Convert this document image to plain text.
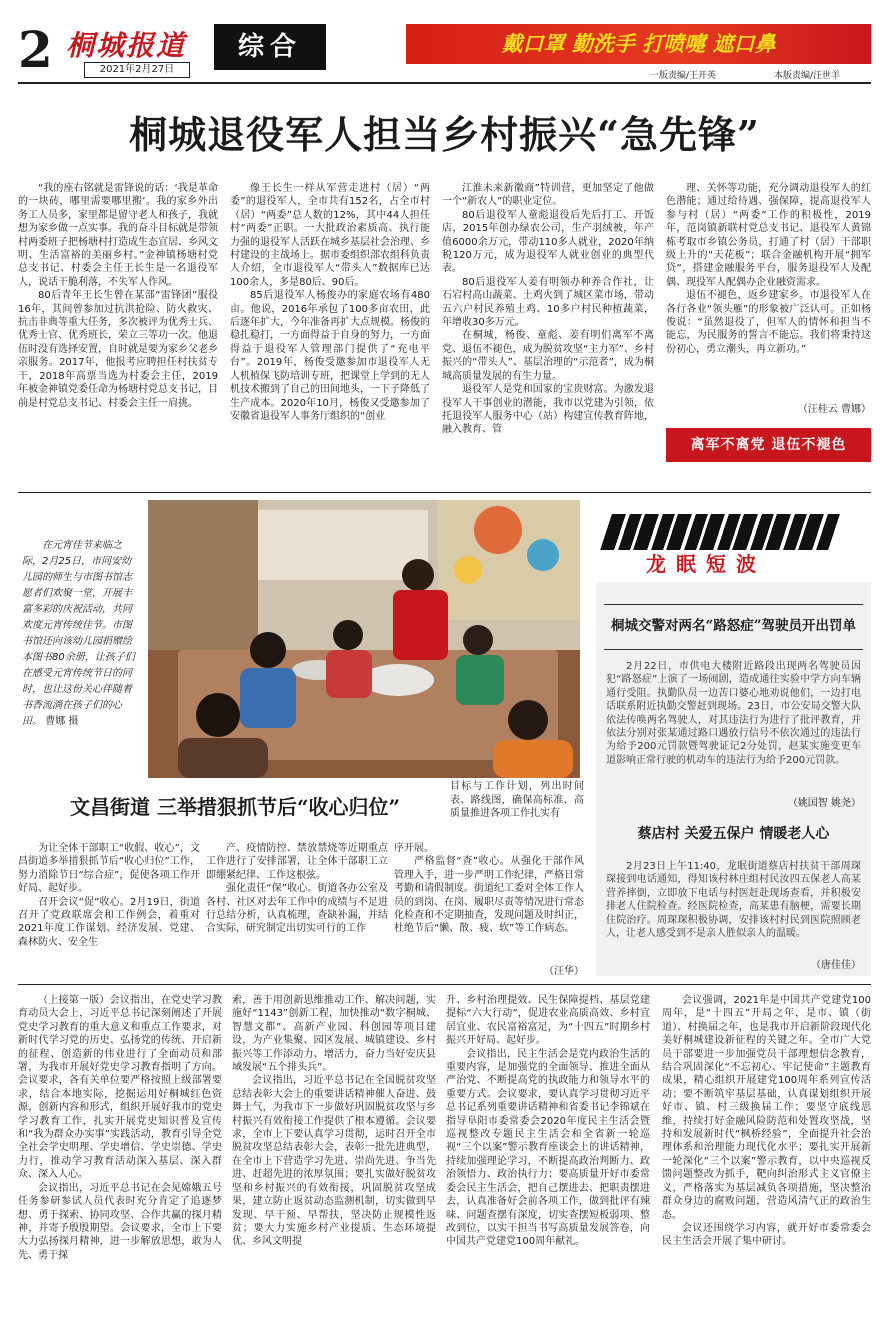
2 桐城报道
2021年2月27日
综合	戴口罩 勤洗手 打喷嚏 遮口鼻
一版责编/王开英	本版责编/汪世羊
桐城退役军人担当乡村振兴“急先锋”

“我的座右铭就是雷锋说的话：‘我是革命的一块砖，哪里需要哪里搬’。我的家乡外出务工人员多，家里都是留守老人和孩子，我就想为家乡做一点实事。我的奋斗目标就是带领村两委班子把杨塘村打造成生态宜居、乡风文明、生活富裕的美丽乡村。”金神镇杨塘村党总支书记、村委会主任王长生是一名退役军人，说话干脆利落，不失军人作风。

80后青年王长生曾在某部“雷锋团”服役16年，其间曾参加过抗洪抢险、防火救灾、抗击非典等重大任务，多次被评为优秀士兵、优秀士官、优秀班长，荣立三等功一次。他退伍时没有选择安置，自时就是要为家乡父老乡亲服务。2017年，他报考应聘担任村扶贫专干，2018年高票当选为村委会主任，2019年被金神镇党委任命为杨塘村党总支书记，目前是村党总支书记、村委会主任一肩挑。

像王长生一样从军营走进村（居）“两委”的退役军人，全市共有152名，占全市村（居）“两委”总人数的12%，其中44人担任村“两委”正职。一大批政治素质高、执行能力强的退役军人活跃在城乡基层社会治理、乡村建设的主战场上。据市委组织部农组科负责人介绍，全市退役军人“带头人”数据库已达100余人，多是80后、90后。

85后退役军人杨俊办的家庭农场有480亩。他说，2016年承包了100多亩农田，此后逐年扩大，今年准备再扩大点规模。杨俊的稳扎稳打，一方面得益于自身的努力，一方面得益于退役军人管理部门提供了“充电平台”。2019年，杨俊受邀参加市退役军人无人机植保飞防培训专班，把课堂上学到的无人机技术搬到了自己的田间地头，一下子降低了生产成本。2020年10月，杨俊又受邀参加了安徽省退役军人事务厅组织的“创业

江淮未来新徽商”特训营，更加坚定了他做一个“新农人”的职业定位。

80后退役军人童彪退役后先后打工、开饭店，2015年创办绿农公司，生产羽绒被，年产值6000余万元，带动110多人就业，2020年纳税120万元，成为退役军人就业创业的典型代表。

80后退役军人姜有明领办种养合作社，让石宕村高山蔬菜、土鸡火到了城区菜市场，带动五六户村民养殖土鸡、10多户村民种植蔬菜，年增收30多万元。

在桐城，杨俊、童彪、姜有明们离军不离党、退伍不褪色，成为脱贫攻坚“主力军”、乡村振兴的“带头人”、基层治理的“示范者”，成为桐城高质量发展的有生力量。

退役军人是党和国家的宝贵财富。为激发退役军人干事创业的潜能，我市以党建为引领，依托退役军人服务中心（站）构建宣传教育阵地，融入教育、管

理、关怀等功能，充分调动退役军人的红色潜能；通过给待遇、强保障，提高退役军人参与村（居）“两委”工作的积极性，2019年，范岗镇新联村党总支书记、退役军人黄锦栋考取市乡镇公务员，打通了村（居）干部职级上升的“天花板”；联合金融机构开展“拥军贷”，搭建金融服务平台，服务退役军人及配偶、现役军人配偶办企业融资需求。

退伍不褪色，返乡建家乡。市退役军人在各行各业“领头雁”的形象被广泛认可。正如杨俊说：“虽然退役了，但军人的情怀和担当不能忘，为民服务的誓言不能忘。我们将秉持这份初心，勇立潮头，再立新功。”

（汪桂云 曹娜）
离军不离党 退伍不褪色
在元宵佳节来临之际，2月25日，市同安幼儿园的师生与市图书馆志愿者们欢聚一堂，开展丰富多彩的庆祝活动，共同欢度元宵传统佳节。市图书馆还向该幼儿园捐赠绘本图书80余册，让孩子们在感受元宵传统节日的同时，也让这份关心伴随着书香流淌在孩子们的心田。 曹娜 摄
龙眠短波
桐城交警对两名“路怒症”驾驶员开出罚单

2月22日，市供电大楼附近路段出现两名驾驶员因犯“路怒症”上演了一场闹剧，造成通往实验中学方向车辆通行受阻。执勤队员一边苦口婆心地劝说他们，一边打电话联系附近执勤交警赶到现场。23日，市公安局交警大队依法传唤两名驾驶人，对其违法行为进行了批评教育，并依法分别对张某通过路口遇放行信号不依次通过的违法行为给予200元罚款暨驾驶证记2分处罚，赵某实施变更车道影响正常行驶的机动车的违法行为给予200元罚款。

（姚国智 姚尧）
蔡店村 关爱五保户 情暖老人心

2月23日上午11:40，龙眠街道蔡店村扶贫干部周琛琛接到电话通知，得知该村林庄组村民汝四五保老人高某营养摔倒，立即放下电话与村医赶赴现场查看，并积极安排老人住院检查。经医院检查，高某患有脑梗，需要长期住院治疗。周琛琛积极协调，安排该村村民到医院照顾老人，让老人感受到不是亲人胜似亲人的温暖。

（唐佳佳）

目标与工作计划，列出时间表、路线图，确保高标准、高质量推进各项工作扎实有

文昌街道 三举措狠抓节后“收心归位”

为让全体干部职工“收假、收心”，文昌街道多举措狠抓节后“收心归位”工作，努力消除节日“综合症”，促使各项工作开好局、起好步。

召开会议“促”收心。2月19日，街道召开了党政联席会和工作例会，着重对2021年度工作谋划、经济发展、党建、森林防火、安全生

产、疫情防控、禁放禁烧等近期重点工作进行了安排部署，让全体干部职工立即绷紧纪律、工作这根弦。

强化责任“保”收心。街道各办公室及各村、社区对去年工作中的成绩与不足进行总结分析，认真梳理，查缺补漏，并结合实际，研究制定出切实可行的工作

序开展。

严格监督“查”收心。从强化干部作风管理入手，进一步严明工作纪律，严格日常考勤和请假制度。街道纪工委对全体工作人员的到岗、在岗、履职尽责等情况进行常态化检查和不定期抽查，发现问题及时纠正，杜绝节后“懒、散、疲、软”等工作病态。

（汪华）

（上接第一版）会议指出，在党史学习教育动员大会上，习近平总书记深刻阐述了开展党史学习教育的重大意义和重点工作要求，对新时代学习党的历史、弘扬党的传统、开启新的征程、创造新的伟业进行了全面动员和部署，为我市开展好党史学习教育指明了方向。会议要求，各有关单位要严格按照上级部署要求，结合本地实际，挖掘运用好桐城红色资源，创新内容和形式，组织开展好我市的党史学习教育工作，扎实开展党史知识普及宣传和“我为群众办实事”实践活动，教育引导全党全社会学史明理、学史增信、学史崇德、学史力行，推动学习教育活动深入基层、深入群众、深入人心。

会议指出，习近平总书记在会见嫦娥五号任务参研参试人员代表时充分肯定了追逐梦想、勇于探索、协同攻坚、合作共赢的探月精神，并寄予殷殷期望。会议要求，全市上下要大力弘扬探月精神，进一步解放思想，敢为人先、勇于探

索，善于用创新思维推动工作、解决问题，实施好“1143”创新工程，加快推动“数字桐城、智慧文都”、高新产业园、科创园等项目建设，为产业集聚、园区发展、城镇建设、乡村振兴等工作添动力、增活力，奋力当好安庆县域发展“五个排头兵”。

会议指出，习近平总书记在全国脱贫攻坚总结表彰大会上的重要讲话精神催人奋进、鼓舞士气，为我市下一步做好巩固脱贫攻坚与乡村振兴有效衔接工作提供了根本遵循。会议要求，全市上下要认真学习贯彻，运时召开全市脱贫攻坚总结表彰大会，表彰一批先进典型，在全市上下营造学习先进、崇尚先进、争当先进、赶超先进的浓厚氛围；要扎实做好脱贫攻坚和乡村振兴的有效衔接，巩固脱贫攻坚成果，建立防止返贫动态监测机制，切实做到早发现、早干预、早帮扶，坚决防止规模性返贫；要大力实施乡村产业提质、生态环境提优、乡风文明提

升、乡村治理提效、民生保障提档、基层党建提标“六大行动”，促进农业高质高效、乡村宜居宜业、农民富裕富足，为“十四五”时期乡村振兴开好局、起好步。

会议指出，民主生活会是党内政治生活的重要内容，是加强党的全面领导、推进全面从严治党、不断提高党的执政能力和领导水平的重要方式。会议要求，要认真学习贯彻习近平总书记系列重要讲话精神和省委书记李锦斌在指导阜阳市委常委会2020年度民主生活会暨巡视整改专题民主生活会和全省新一轮巡视“三个以案”警示教育座谈会上的讲话精神，持续加强理论学习，不断提高政治判断力、政治领悟力、政治执行力；要高质量开好市委常委会民主生活会，把自己摆进去、把职责摆进去，认真准备好会前各项工作，做到批评有辣味、问题查摆有深度，切实查摆短板弱项、整改到位，以实干担当书写高质量发展答卷，向中国共产党建党100周年献礼。

会议强调，2021年是中国共产党建党100周年，是“十四五”开局之年，是市、镇（街道）、村换届之年，也是我市开启新阶段现代化美好桐城建设新征程的关键之年。全市广大党员干部要进一步加强党员干部理想信念教育，结合巩固深化“不忘初心、牢记使命”主题教育成果，精心组织开展建党100周年系列宣传活动；要不断筑牢基层基础，认真谋划组织开展好市、镇、村三级换届工作；要坚守底线思维，持续打好金融风险防范和处置攻坚战，坚持和发展新时代“枫桥经验”，全面提升社会治理体系和治理能力现代化水平；要扎实开展新一轮深化“三个以案”警示教育，以中央巡视反馈问题整改为抓手，靶向纠治形式主义官僚主义，严格落实为基层减负各项措施，坚决整治群众身边的腐败问题，营造风清气正的政治生态。

会议还围绕学习内容，就开好市委常委会民主生活会开展了集中研讨。
